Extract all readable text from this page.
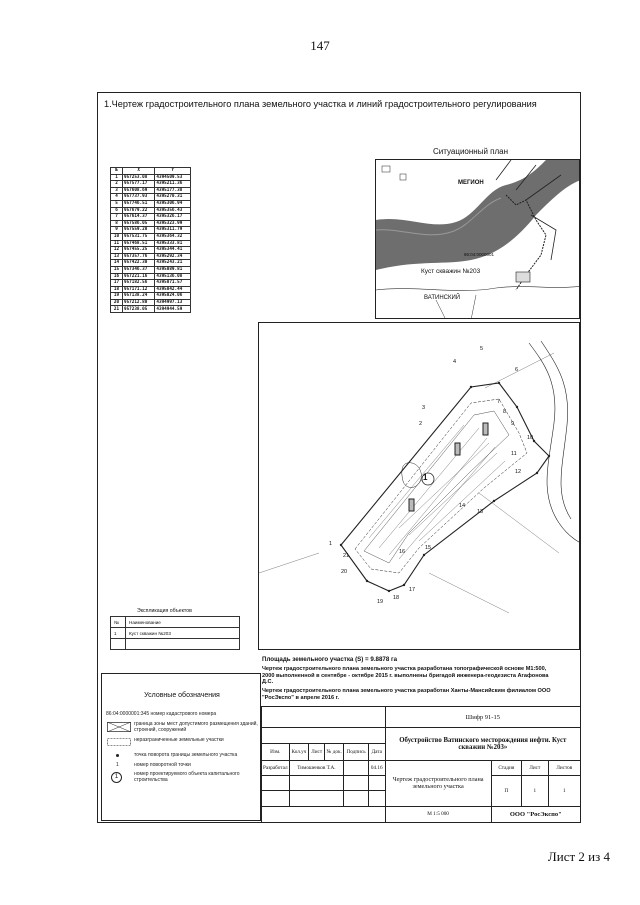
147
1.Чертеж градостроительного плана земельного участка и линий градостроительного регулирования
№	X	Y
1	957253.08	4394509.53
2	957577.17	4395211.36
3	957608.69	4395177.38
4	957737.93	4395270.31
5	957746.51	4395306.94
6	957679.22	4395356.43
7	957614.37	4395326.17
8	957586.05	4395323.99
9	957559.20	4395311.79
10	957531.75	4395364.32
11	957468.51	4395333.81
12	957455.25	4395344.41
13	957357.76	4395292.34
14	957422.30	4395243.21
15	957346.37	4395089.81
16	957221.16	4395136.08
17	957182.56	4395071.57
18	957171.12	4395042.44
19	957138.24	4395024.06
20	957212.80	4394997.13
21	957238.05	4394944.59
Ситуационный план
МЕГИОН
Куст скважин №203
ВАТИНСКИЙ
86:04:0000001
1
1
2
3
4
5
6
7
8
9
10
11
12
13
14
15
16
17
18
19
20
21
Экспликация объектов
№	Наименование
1	Куст скважин №203

Площадь земельного участка (S) = 9.8878 га
Чертеж градостроительного плана земельного участка разработана топографической основе М1:500, 2000 выполненной в сентябре - октябре 2015 г. выполнены бригадой инженера-геодезиста Агафонова Д.С.
Чертеж градостроительного плана земельного участка разработан Ханты-Мансийским филиалом ООО "РосЭкспо" в апреле 2016 г.
Условные обозначения
86:04:0000001:345 номер кадастрового номера
граница зоны мест допустимого размещения зданий, строений, сооружений
неразграниченные земельные участки
точка поворота границы земельного участка
1	номер поворотной точки
1	номер проектируемого объекта капитального строительства
						Шифр 91-15			
						Обустройство Ватинского месторождения нефти. Куст скважин №203»			
Изм.	Кол.уч	Лист	№ док.	Подпись	Дата				
Разработал	Тимошенков Т.А.				04.16	Чертеж градостроительного плана земельного участка	Стадия	Лист	Листов
							П	1	1

						М 1:5 000	ООО "РосЭкспо"		
Лист 2 из 4
